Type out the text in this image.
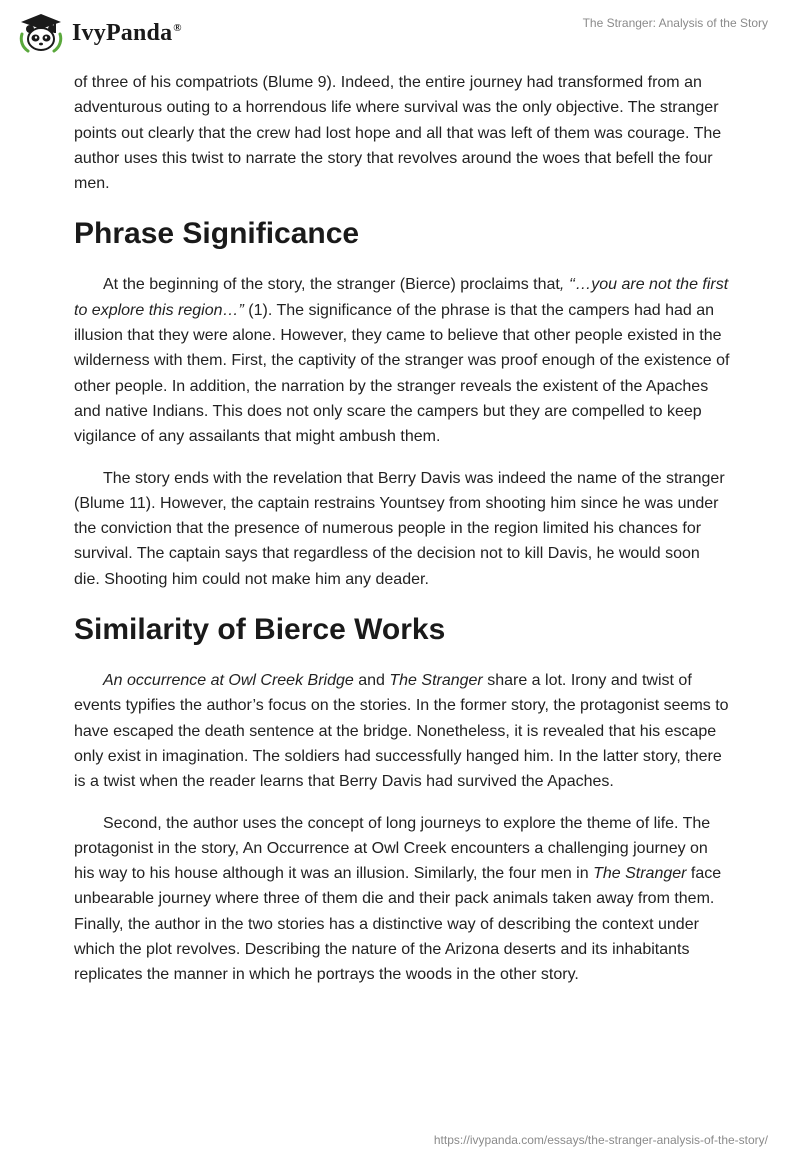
IvyPanda®	The Stranger: Analysis of the Story

of three of his compatriots (Blume 9). Indeed, the entire journey had transformed from an adventurous outing to a horrendous life where survival was the only objective. The stranger points out clearly that the crew had lost hope and all that was left of them was courage. The author uses this twist to narrate the story that revolves around the woes that befell the four men.

Phrase Significance

At the beginning of the story, the stranger (Bierce) proclaims that, ‘‘…you are not the first to explore this region…” (1). The significance of the phrase is that the campers had had an illusion that they were alone. However, they came to believe that other people existed in the wilderness with them. First, the captivity of the stranger was proof enough of the existence of other people. In addition, the narration by the stranger reveals the existent of the Apaches and native Indians. This does not only scare the campers but they are compelled to keep vigilance of any assailants that might ambush them.

The story ends with the revelation that Berry Davis was indeed the name of the stranger (Blume 11). However, the captain restrains Yountsey from shooting him since he was under the conviction that the presence of numerous people in the region limited his chances for survival. The captain says that regardless of the decision not to kill Davis, he would soon die. Shooting him could not make him any deader.

Similarity of Bierce Works

An occurrence at Owl Creek Bridge and The Stranger share a lot. Irony and twist of events typifies the author’s focus on the stories. In the former story, the protagonist seems to have escaped the death sentence at the bridge. Nonetheless, it is revealed that his escape only exist in imagination. The soldiers had successfully hanged him. In the latter story, there is a twist when the reader learns that Berry Davis had survived the Apaches.

Second, the author uses the concept of long journeys to explore the theme of life. The protagonist in the story, An Occurrence at Owl Creek encounters a challenging journey on his way to his house although it was an illusion. Similarly, the four men in The Stranger face unbearable journey where three of them die and their pack animals taken away from them. Finally, the author in the two stories has a distinctive way of describing the context under which the plot revolves. Describing the nature of the Arizona deserts and its inhabitants replicates the manner in which he portrays the woods in the other story.

https://ivypanda.com/essays/the-stranger-analysis-of-the-story/
